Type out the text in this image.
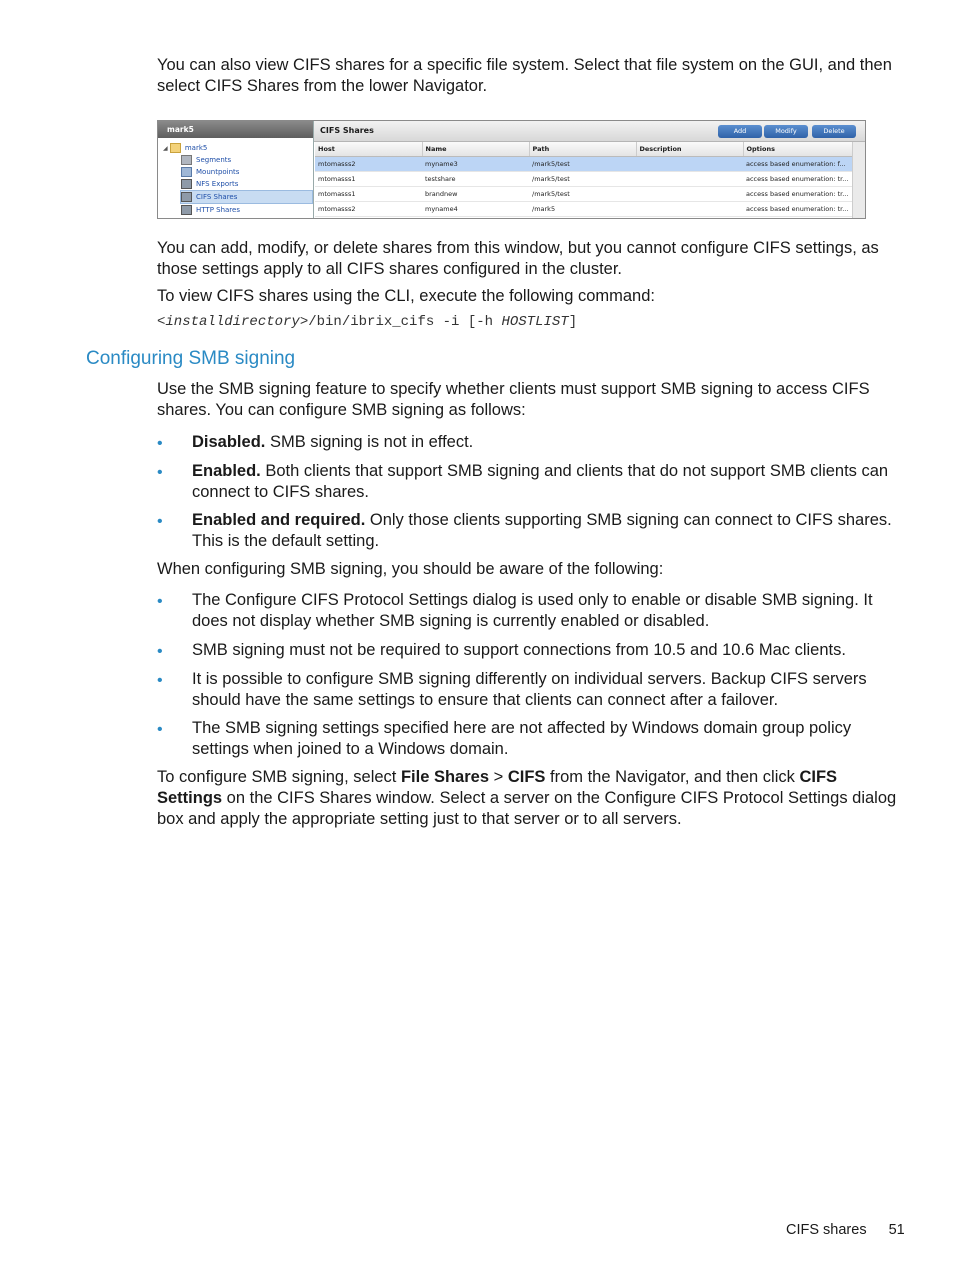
You can also view CIFS shares for a specific file system. Select that file system on the GUI, and then select CIFS Shares from the lower Navigator.

mark5
◢ mark5
Segments
Mountpoints
NFS Exports
CIFS Shares
HTTP Shares
CIFS Shares	Add	Modify	Delete
Host	Name	Path	Description	Options
mtomasss2	myname3	/mark5/test		access based enumeration: f...
mtomasss1	testshare	/mark5/test		access based enumeration: tr...
mtomasss1	brandnew	/mark5/test		access based enumeration: tr...
mtomasss2	myname4	/mark5		access based enumeration: tr...

You can add, modify, or delete shares from this window, but you cannot configure CIFS settings, as those settings apply to all CIFS shares configured in the cluster.

To view CIFS shares using the CLI, execute the following command:

<installdirectory>/bin/ibrix_cifs -i [-h HOSTLIST]
Configuring SMB signing

Use the SMB signing feature to specify whether clients must support SMB signing to access CIFS shares. You can configure SMB signing as follows:

• Disabled. SMB signing is not in effect.
• Enabled. Both clients that support SMB signing and clients that do not support SMB clients can connect to CIFS shares.
• Enabled and required. Only those clients supporting SMB signing can connect to CIFS shares. This is the default setting.

When configuring SMB signing, you should be aware of the following:

• The Configure CIFS Protocol Settings dialog is used only to enable or disable SMB signing. It does not display whether SMB signing is currently enabled or disabled.
• SMB signing must not be required to support connections from 10.5 and 10.6 Mac clients.
• It is possible to configure SMB signing differently on individual servers. Backup CIFS servers should have the same settings to ensure that clients can connect after a failover.
• The SMB signing settings specified here are not affected by Windows domain group policy settings when joined to a Windows domain.

To configure SMB signing, select File Shares > CIFS from the Navigator, and then click CIFS Settings on the CIFS Shares window. Select a server on the Configure CIFS Protocol Settings dialog box and apply the appropriate setting just to that server or to all servers.

CIFS shares 51
